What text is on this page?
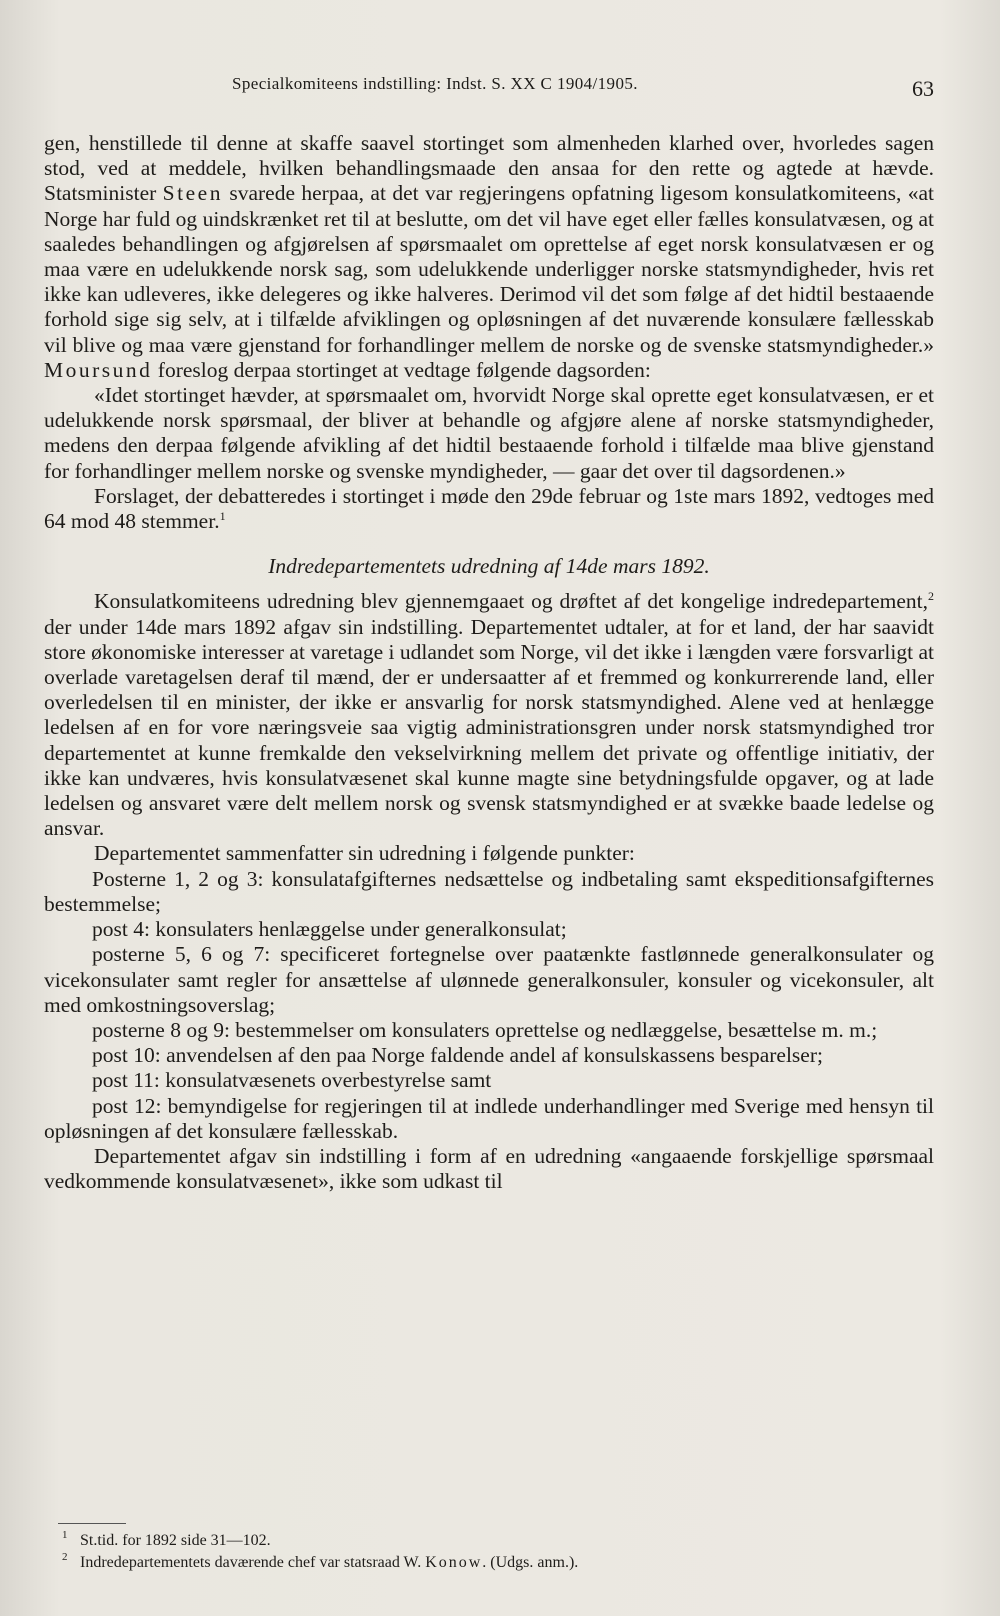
Specialkomiteens indstilling: Indst. S. XX C 1904/1905.	63

gen, henstillede til denne at skaffe saavel stortinget som almenheden klarhed over, hvorledes sagen stod, ved at meddele, hvilken behandlingsmaade den ansaa for den rette og agtede at hævde. Statsminister Steen svarede herpaa, at det var regjeringens opfatning ligesom konsulatkomiteens, «at Norge har fuld og uindskrænket ret til at beslutte, om det vil have eget eller fælles konsulatvæsen, og at saaledes behandlingen og afgjørelsen af spørsmaalet om oprettelse af eget norsk konsulatvæsen er og maa være en udelukkende norsk sag, som udelukkende underligger norske statsmyndigheder, hvis ret ikke kan udleveres, ikke delegeres og ikke halveres. Derimod vil det som følge af det hidtil bestaaende forhold sige sig selv, at i tilfælde afviklingen og opløsningen af det nuværende konsulære fællesskab vil blive og maa være gjenstand for forhandlinger mellem de norske og de svenske statsmyndigheder.» Moursund foreslog derpaa stortinget at vedtage følgende dagsorden:

«Idet stortinget hævder, at spørsmaalet om, hvorvidt Norge skal oprette eget konsulatvæsen, er et udelukkende norsk spørsmaal, der bliver at behandle og afgjøre alene af norske statsmyndigheder, medens den derpaa følgende afvikling af det hidtil bestaaende forhold i tilfælde maa blive gjenstand for forhandlinger mellem norske og svenske myndigheder, — gaar det over til dagsordenen.»

Forslaget, der debatteredes i stortinget i møde den 29de februar og 1ste mars 1892, vedtoges med 64 mod 48 stemmer.$^1$

Indredepartementets udredning af 14de mars 1892.

Konsulatkomiteens udredning blev gjennemgaaet og drøftet af det kongelige indredepartement,$^2$ der under 14de mars 1892 afgav sin indstilling. Departementet udtaler, at for et land, der har saavidt store økonomiske interesser at varetage i udlandet som Norge, vil det ikke i længden være forsvarligt at overlade varetagelsen deraf til mænd, der er undersaatter af et fremmed og konkurrerende land, eller overledelsen til en minister, der ikke er ansvarlig for norsk statsmyndighed. Alene ved at henlægge ledelsen af en for vore næringsveie saa vigtig administrationsgren under norsk statsmyndighed tror departementet at kunne fremkalde den vekselvirkning mellem det private og offentlige initiativ, der ikke kan undværes, hvis konsulatvæsenet skal kunne magte sine betydningsfulde opgaver, og at lade ledelsen og ansvaret være delt mellem norsk og svensk statsmyndighed er at svække baade ledelse og ansvar.

Departementet sammenfatter sin udredning i følgende punkter:

Posterne 1, 2 og 3: konsulatafgifternes nedsættelse og indbetaling samt ekspeditionsafgifternes bestemmelse;

post 4: konsulaters henlæggelse under generalkonsulat;

posterne 5, 6 og 7: specificeret fortegnelse over paatænkte fastlønnede generalkonsulater og vicekonsulater samt regler for ansættelse af ulønnede generalkonsuler, konsuler og vicekonsuler, alt med omkostningsoverslag;

posterne 8 og 9: bestemmelser om konsulaters oprettelse og nedlæggelse, besættelse m. m.;

post 10: anvendelsen af den paa Norge faldende andel af konsulskassens besparelser;

post 11: konsulatvæsenets overbestyrelse samt

post 12: bemyndigelse for regjeringen til at indlede underhandlinger med Sverige med hensyn til opløsningen af det konsulære fællesskab.

Departementet afgav sin indstilling i form af en udredning «angaaende forskjellige spørsmaal vedkommende konsulatvæsenet», ikke som udkast til

1 St.tid. for 1892 side 31—102.
2 Indredepartementets daværende chef var statsraad W. Konow. (Udgs. anm.).
